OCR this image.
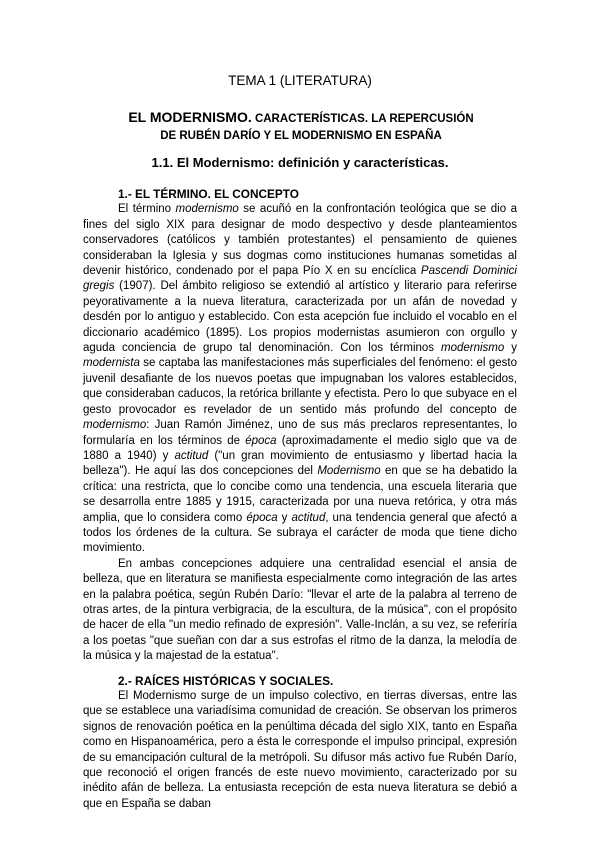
TEMA 1 (LITERATURA)
EL MODERNISMO. CARACTERÍSTICAS. LA REPERCUSIÓN
DE RUBÉN DARÍO Y EL MODERNISMO EN ESPAÑA
1.1. El Modernismo: definición y características.
1.- EL TÉRMINO. EL CONCEPTO

El término modernismo se acuñó en la confrontación teológica que se dio a fines del siglo XIX para designar de modo despectivo y desde planteamientos conservadores (católicos y también protestantes) el pensamiento de quienes consideraban la Iglesia y sus dogmas como instituciones humanas sometidas al devenir histórico, condenado por el papa Pío X en su encíclica Pascendi Dominici gregis (1907). Del ámbito religioso se extendió al artístico y literario para referirse peyorativamente a la nueva literatura, caracterizada por un afán de novedad y desdén por lo antiguo y establecido. Con esta acepción fue incluido el vocablo en el diccionario académico (1895). Los propios modernistas asumieron con orgullo y aguda conciencia de grupo tal denominación. Con los términos modernismo y modernista se captaba las manifestaciones más superficiales del fenómeno: el gesto juvenil desafiante de los nuevos poetas que impugnaban los valores establecidos, que consideraban caducos, la retórica brillante y efectista. Pero lo que subyace en el gesto provocador es revelador de un sentido más profundo del concepto de modernismo: Juan Ramón Jiménez, uno de sus más preclaros representantes, lo formularía en los términos de época (aproximadamente el medio siglo que va de 1880 a 1940) y actitud ("un gran movimiento de entusiasmo y libertad hacia la belleza"). He aquí las dos concepciones del Modernismo en que se ha debatido la crítica: una restricta, que lo concibe como una tendencia, una escuela literaria que se desarrolla entre 1885 y 1915, caracterizada por una nueva retórica, y otra más amplia, que lo considera como época y actitud, una tendencia general que afectó a todos los órdenes de la cultura. Se subraya el carácter de moda que tiene dicho movimiento.

En ambas concepciones adquiere una centralidad esencial el ansia de belleza, que en literatura se manifiesta especialmente como integración de las artes en la palabra poética, según Rubén Darío: "llevar el arte de la palabra al terreno de otras artes, de la pintura verbigracia, de la escultura, de la música", con el propósito de hacer de ella "un medio refinado de expresión". Valle-Inclán, a su vez, se referiría a los poetas "que sueñan con dar a sus estrofas el ritmo de la danza, la melodía de la música y la majestad de la estatua".

2.- RAÍCES HISTÓRICAS Y SOCIALES.

El Modernismo surge de un impulso colectivo, en tierras diversas, entre las que se establece una variadísima comunidad de creación. Se observan los primeros signos de renovación poética en la penúltima década del siglo XIX, tanto en España como en Hispanoamérica, pero a ésta le corresponde el impulso principal, expresión de su emancipación cultural de la metrópoli. Su difusor más activo fue Rubén Darío, que reconoció el origen francés de este nuevo movimiento, caracterizado por su inédito afán de belleza. La entusiasta recepción de esta nueva literatura se debió a que en España se daban
